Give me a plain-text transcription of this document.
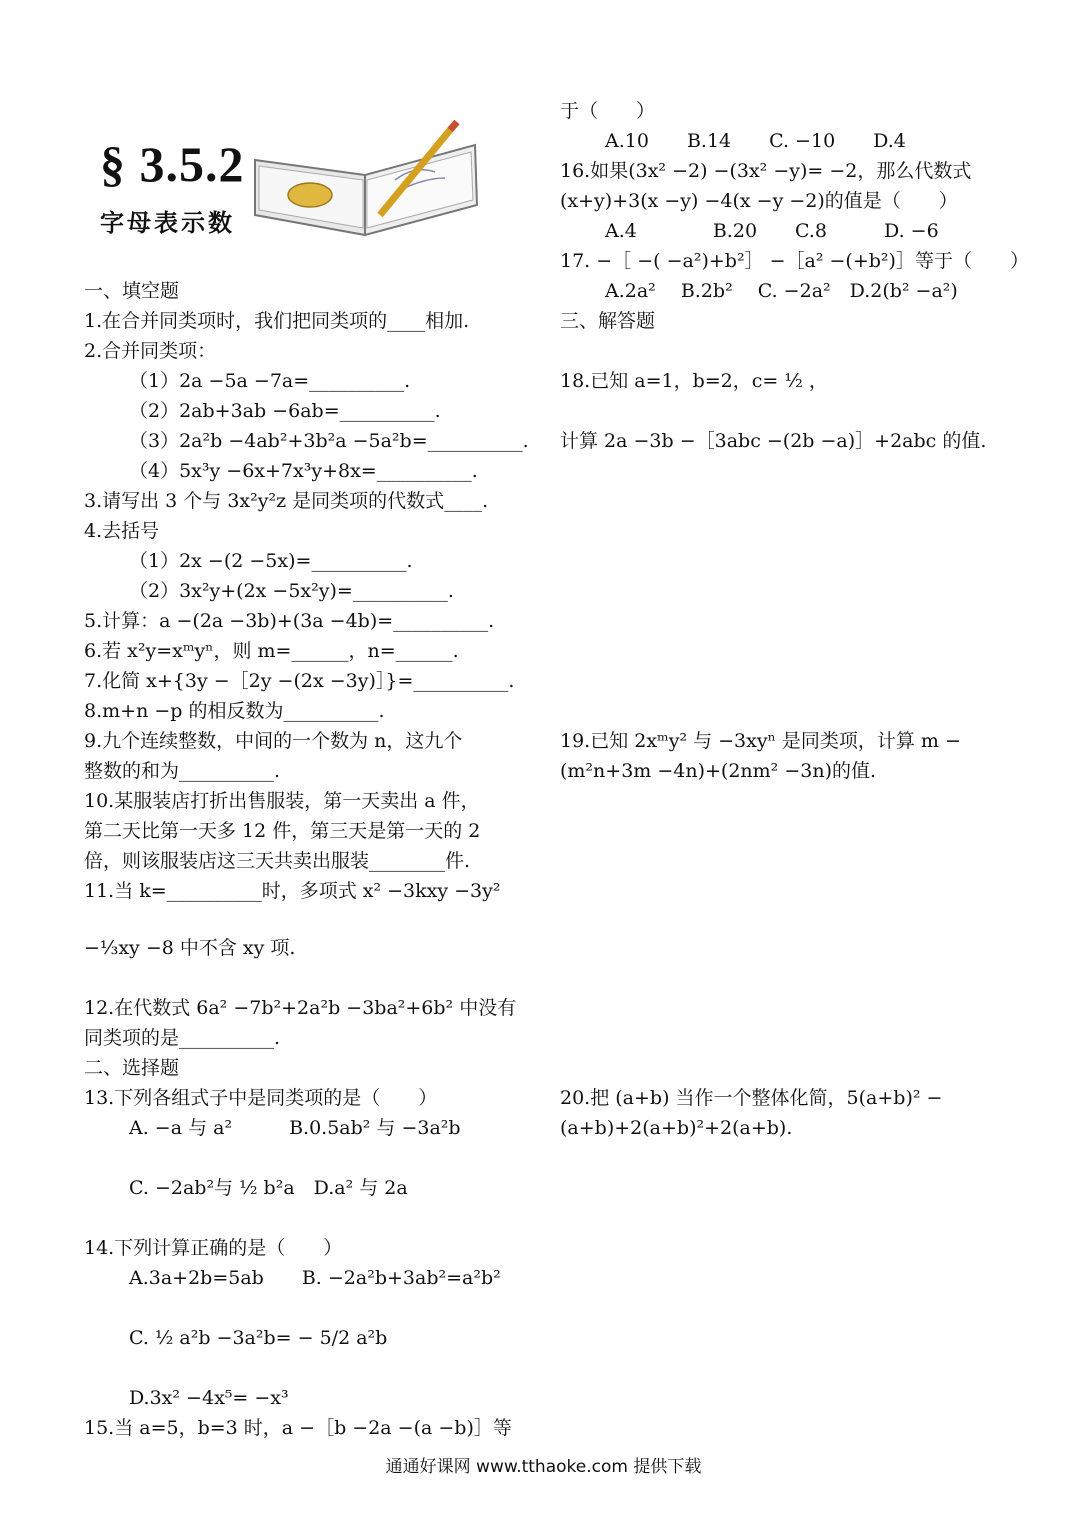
§ 3.5.2
字母表示数
一、填空题
1.在合并同类项时，我们把同类项的____相加.
2.合并同类项：
（1）2a −5a −7a=__________.
（2）2ab+3ab −6ab=__________.
（3）2a²b −4ab²+3b²a −5a²b=__________.
（4）5x³y −6x+7x³y+8x=__________.
3.请写出 3 个与 3x²y²z 是同类项的代数式____.
4.去括号
（1）2x −(2 −5x)=__________.
（2）3x²y+(2x −5x²y)=__________.
5.计算：a −(2a −3b)+(3a −4b)=__________.
6.若 x²y=xᵐyⁿ，则 m=______，n=______.
7.化简 x+{3y −［2y −(2x −3y)］}=__________.
8.m+n −p 的相反数为__________.
9.九个连续整数，中间的一个数为 n，这九个
整数的和为__________.
10.某服装店打折出售服装，第一天卖出 a 件，
第二天比第一天多 12 件，第三天是第一天的 2
倍，则该服装店这三天共卖出服装________件.
11.当 k=__________时，多项式 x² −3kxy −3y²
−⅓xy −8 中不含 xy 项.
12.在代数式 6a² −7b²+2a²b −3ba²+6b² 中没有
同类项的是__________.
二、选择题
13.下列各组式子中是同类项的是（　　）
A. −a 与 a²　　　B.0.5ab² 与 −3a²b
C. −2ab²与 ½ b²a　D.a² 与 2a
14.下列计算正确的是（　　）
A.3a+2b=5ab　　B. −2a²b+3ab²=a²b²
C. ½ a²b −3a²b= − 5/2 a²b
D.3x² −4x⁵= −x³
15.当 a=5，b=3 时，a −［b −2a −(a −b)］等
于（　　）
A.10　　B.14　　C. −10　　D.4
16.如果(3x² −2) −(3x² −y)= −2，那么代数式
(x+y)+3(x −y) −4(x −y −2)的值是（　　）
A.4　　　　B.20　　C.8　　　D. −6
17. −［ −( −a²)+b²］ −［a² −(+b²)］等于（　　）
A.2a²　 B.2b²　 C. −2a²　D.2(b² −a²)
三、解答题
18.已知 a=1，b=2，c= ½ ，
计算 2a −3b −［3abc −(2b −a)］+2abc 的值.
19.已知 2xᵐy² 与 −3xyⁿ 是同类项，计算 m −
(m²n+3m −4n)+(2nm² −3n)的值.
20.把 (a+b) 当作一个整体化简，5(a+b)² −
(a+b)+2(a+b)²+2(a+b).
通通好课网 www.tthaoke.com 提供下载
